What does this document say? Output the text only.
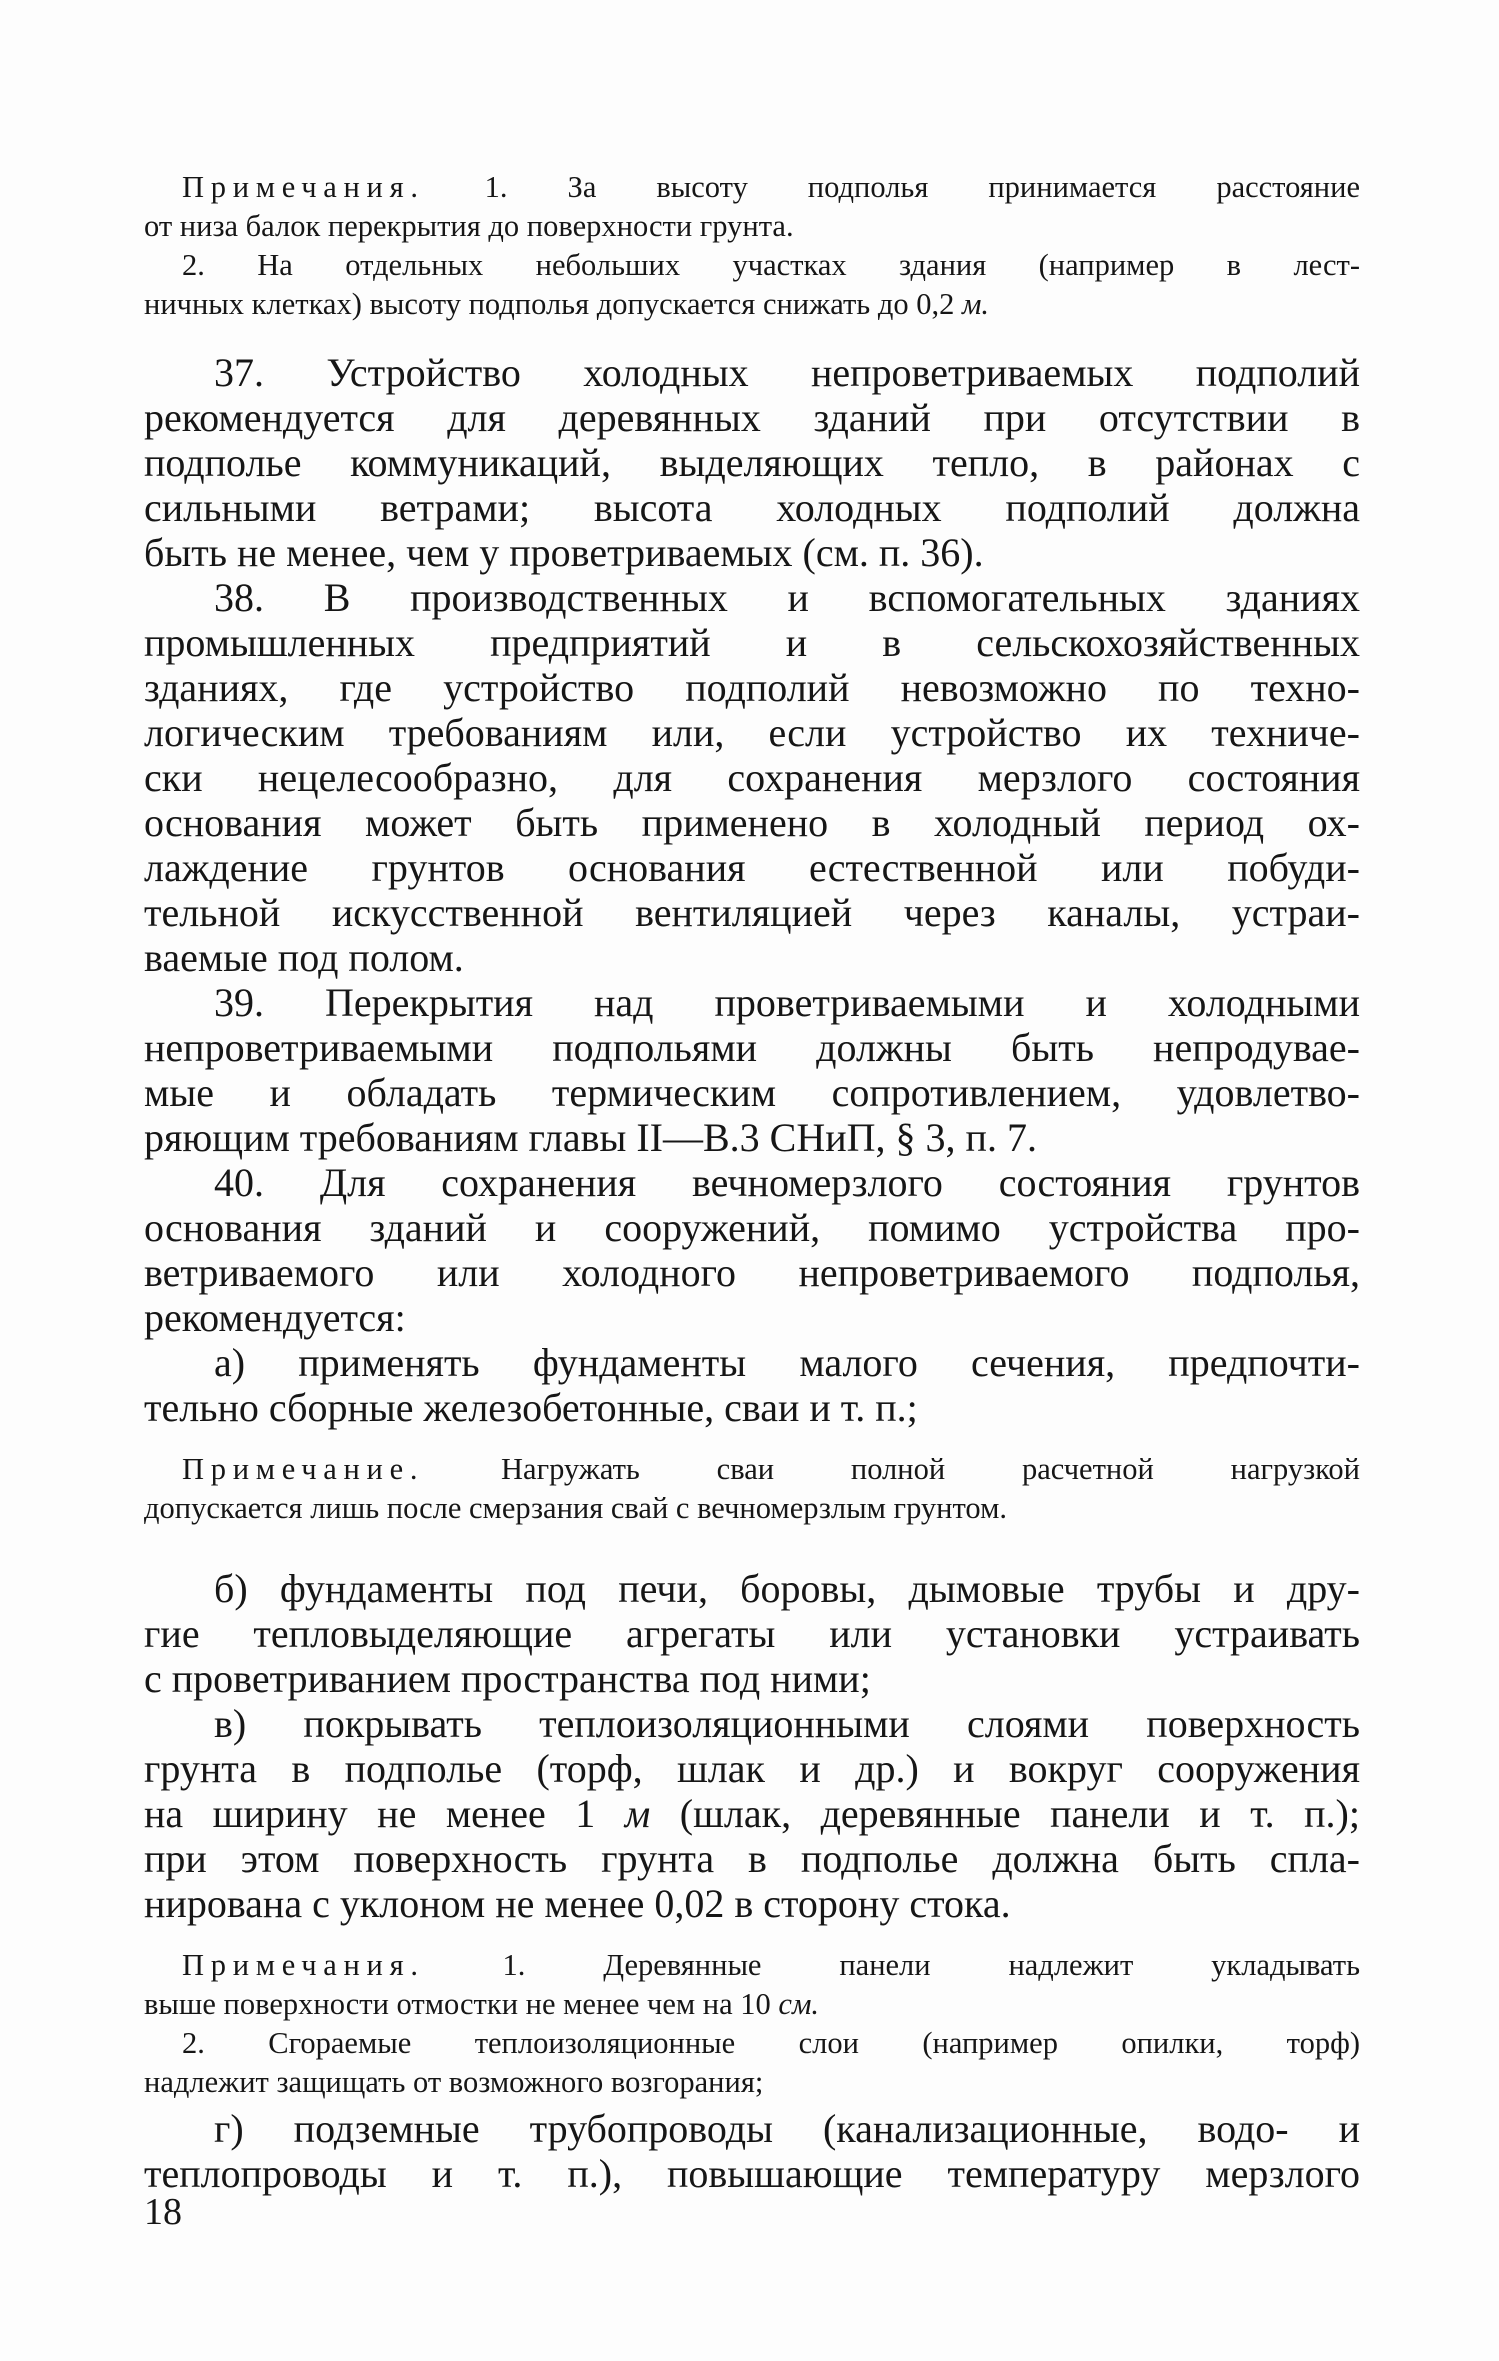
Примечания. 1. За высоту подполья принимается расстояние
от низа балок перекрытия до поверхности грунта.
2. На отдельных небольших участках здания (например в лест-
ничных клетках) высоту подполья допускается снижать до 0,2 м.

37. Устройство холодных непроветриваемых подполий
рекомендуется для деревянных зданий при отсутствии в
подполье коммуникаций, выделяющих тепло, в районах с
сильными ветрами; высота холодных подполий должна
быть не менее, чем у проветриваемых (см. п. 36).

38. В производственных и вспомогательных зданиях
промышленных предприятий и в сельскохозяйственных
зданиях, где устройство подполий невозможно по техно-
логическим требованиям или, если устройство их техниче-
ски нецелесообразно, для сохранения мерзлого состояния
основания может быть применено в холодный период ох-
лаждение грунтов основания естественной или побуди-
тельной искусственной вентиляцией через каналы, устраи-
ваемые под полом.

39. Перекрытия над проветриваемыми и холодными
непроветриваемыми подпольями должны быть непродувае-
мые и обладать термическим сопротивлением, удовлетво-
ряющим требованиям главы II—В.3 СНиП, § 3, п. 7.

40. Для сохранения вечномерзлого состояния грунтов
основания зданий и сооружений, помимо устройства про-
ветриваемого или холодного непроветриваемого подполья,
рекомендуется:

а) применять фундаменты малого сечения, предпочти-
тельно сборные железобетонные, сваи и т. п.;

Примечание.	Нагружать сваи полной расчетной нагрузкой
допускается лишь после смерзания свай с вечномерзлым грунтом.

б) фундаменты под печи, боровы, дымовые трубы и дру-
гие тепловыделяющие агрегаты или установки устраивать
с проветриванием пространства под ними;

в) покрывать теплоизоляционными слоями поверхность
грунта в подполье (торф, шлак и др.) и вокруг сооружения
на ширину не менее 1 м (шлак, деревянные панели и т. п.);
при этом поверхность грунта в подполье должна быть спла-
нирована с уклоном не менее 0,02 в сторону стока.

Примечания.	1. Деревянные панели надлежит укладывать
выше поверхности отмостки не менее чем на 10 см.
2. Сгораемые теплоизоляционные слои (например опилки, торф)
надлежит защищать от возможного возгорания;

г) подземные трубопроводы (канализационные, водо- и
теплопроводы и т. п.), повышающие температуру мерзлого

18
